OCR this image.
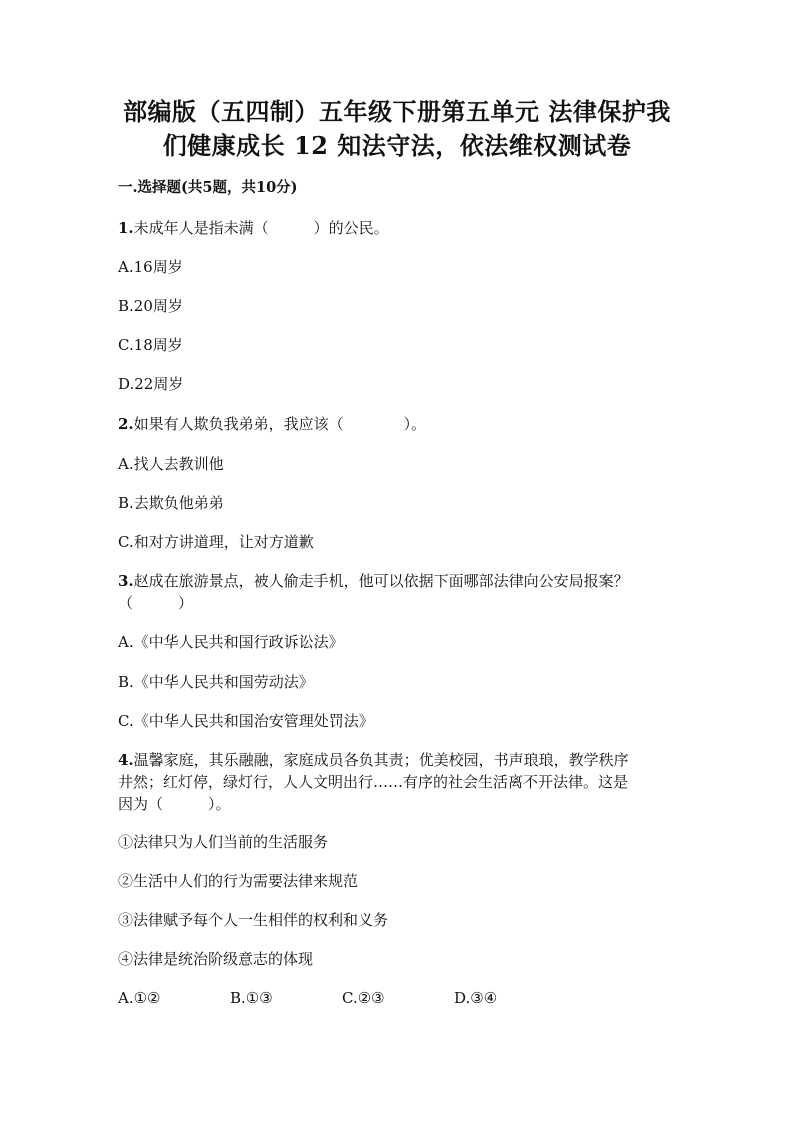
部编版（五四制）五年级下册第五单元 法律保护我
们健康成长 12 知法守法，依法维权测试卷
一.选择题(共5题，共10分)
1.未成年人是指未满（　　　）的公民。
A.16周岁
B.20周岁
C.18周岁
D.22周岁
2.如果有人欺负我弟弟，我应该（　　　　）。
A.找人去教训他
B.去欺负他弟弟
C.和对方讲道理，让对方道歉
3.赵成在旅游景点，被人偷走手机，他可以依据下面哪部法律向公安局报案？
（　　　）
A.《中华人民共和国行政诉讼法》
B.《中华人民共和国劳动法》
C.《中华人民共和国治安管理处罚法》
4.温馨家庭，其乐融融，家庭成员各负其责；优美校园，书声琅琅，教学秩序
井然；红灯停，绿灯行，人人文明出行……有序的社会生活离不开法律。这是
因为（　　　）。
①法律只为人们当前的生活服务
②生活中人们的行为需要法律来规范
③法律赋予每个人一生相伴的权利和义务
④法律是统治阶级意志的体现
A.①②	B.①③	C.②③	D.③④
